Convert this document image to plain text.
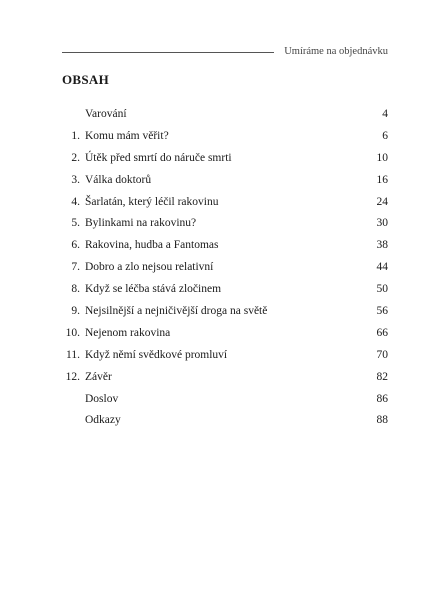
Umíráme na objednávku
OBSAH
Varování	4
1. Komu mám věřit?	6
2. Útěk před smrtí do náruče smrti	10
3. Válka doktorů	16
4. Šarlatán, který léčil rakovinu	24
5. Bylinkami na rakovinu?	30
6. Rakovina, hudba a Fantomas	38
7. Dobro a zlo nejsou relativní	44
8. Když se léčba stává zločinem	50
9. Nejsilnější a nejničivější droga na světě	56
10. Nejenom rakovina	66
11. Když němí svědkové promluví	70
12. Závěr	82
Doslov	86
Odkazy	88
